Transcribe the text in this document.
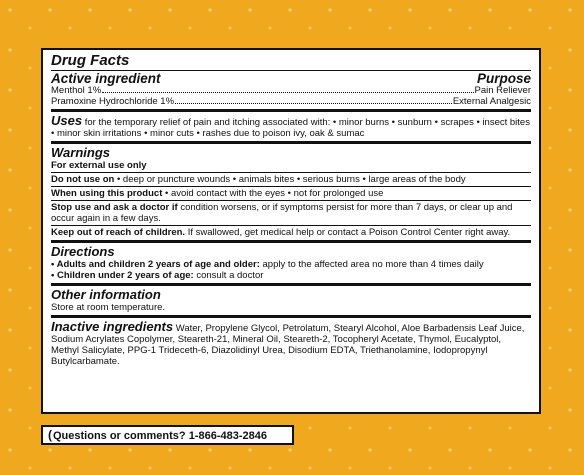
Drug Facts
Active ingredient	Purpose
Menthol 1%	Pain Reliever
Pramoxine Hydrochloride 1%	External Analgesic
Uses for the temporary relief of pain and itching associated with: • minor burns • sunburn • scrapes • insect bites • minor skin irritations • minor cuts • rashes due to poison ivy, oak & sumac
Warnings
For external use only
Do not use on • deep or puncture wounds • animals bites • serious burns • large areas of the body
When using this product • avoid contact with the eyes • not for prolonged use
Stop use and ask a doctor if condition worsens, or if symptoms persist for more than 7 days, or clear up and occur again in a few days.
Keep out of reach of children. If swallowed, get medical help or contact a Poison Control Center right away.
Directions
• Adults and children 2 years of age and older: apply to the affected area no more than 4 times daily
• Children under 2 years of age: consult a doctor
Other information
Store at room temperature.
Inactive ingredients Water, Propylene Glycol, Petrolatum, Stearyl Alcohol, Aloe Barbadensis Leaf Juice, Sodium Acrylates Copolymer, Steareth-21, Mineral Oil, Steareth-2, Tocopheryl Acetate, Thymol, Eucalyptol, Methyl Salicylate, PPG-1 Trideceth-6, Diazolidinyl Urea, Disodium EDTA, Triethanolamine, Iodopropynyl Butylcarbamate.
(Questions or comments? 1-866-483-2846
